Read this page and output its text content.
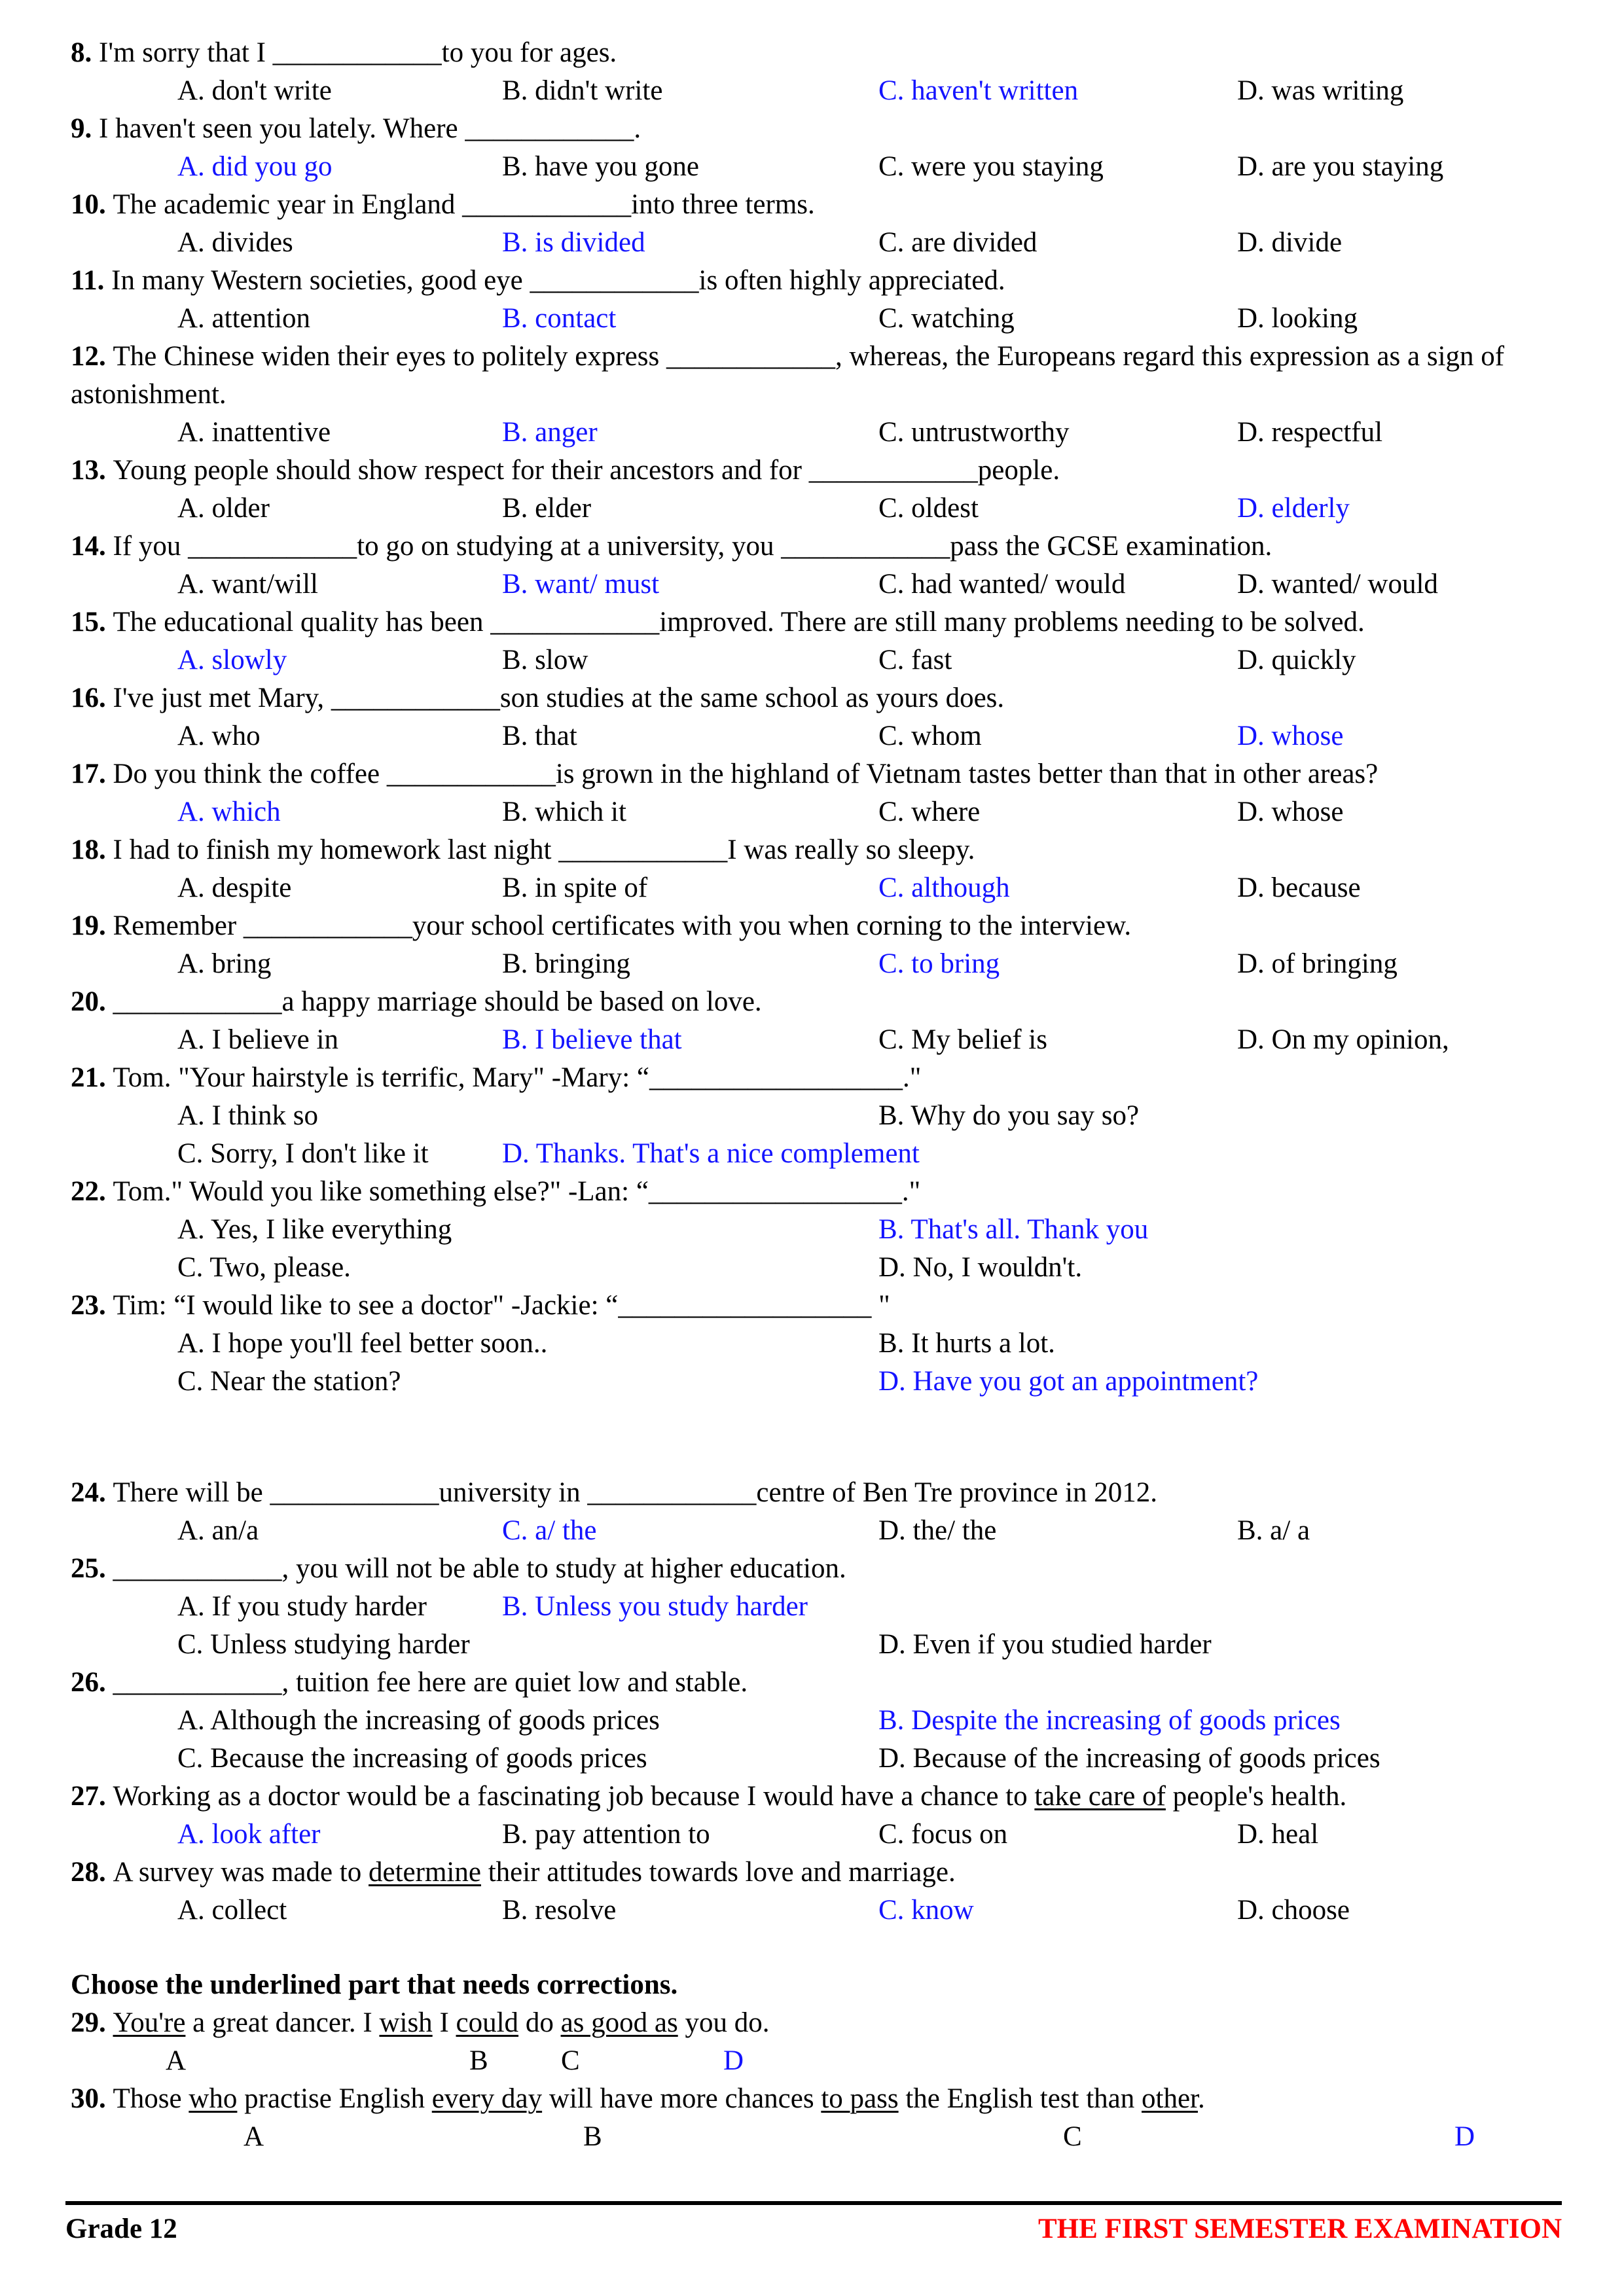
8. I'm sorry that I ____________to you for ages.
A. don't write	B. didn't write	C. haven't written	D. was writing
9. I haven't seen you lately. Where ____________.
A. did you go	B. have you gone	C. were you staying	D. are you staying
10. The academic year in England ____________into three terms.
A. divides	B. is divided	C. are divided	D. divide
11. In many Western societies, good eye ____________is often highly appreciated.
A. attention	B. contact	C. watching	D. looking
12. The Chinese widen their eyes to politely express ____________, whereas, the Europeans regard this expression as a sign of astonishment.
A. inattentive	B. anger	C. untrustworthy	D. respectful
13. Young people should show respect for their ancestors and for ____________people.
A. older	B. elder	C. oldest	D. elderly
14. If you ____________to go on studying at a university, you ____________pass the GCSE examination.
A. want/will	B. want/ must	C. had wanted/ would	D. wanted/ would
15. The educational quality has been ____________improved. There are still many problems needing to be solved.
A. slowly	B. slow	C. fast	D. quickly
16. I've just met Mary, ____________son studies at the same school as yours does.
A. who	B. that	C. whom	D. whose
17. Do you think the coffee ____________is grown in the highland of Vietnam tastes better than that in other areas?
A. which	B. which it	C. where	D. whose
18. I had to finish my homework last night ____________I was really so sleepy.
A. despite	B. in spite of	C. although	D. because
19. Remember ____________your school certificates with you when corning to the interview.
A. bring	B. bringing	C. to bring	D. of bringing
20. ____________a happy marriage should be based on love.
A. I believe in	B. I believe that	C. My belief is	D. On my opinion,
21. Tom. "Your hairstyle is terrific, Mary" -Mary: “__________________."
A. I think so	B. Why do you say so?
C. Sorry, I don't like it	D. Thanks. That's a nice complement
22. Tom." Would you like something else?" -Lan: “__________________."
A. Yes, I like everything	B. That's all. Thank you
C. Two, please.	D. No, I wouldn't.
23. Tim: “I would like to see a doctor" -Jackie: “__________________ "
A. I hope you'll feel better soon..	B. It hurts a lot.
C. Near the station?	D. Have you got an appointment?
24. There will be ____________university in ____________centre of Ben Tre province in 2012.
A. an/a	C. a/ the	D. the/ the	B. a/ a
25. ____________, you will not be able to study at higher education.
A. If you study harder	B. Unless you study harder
C. Unless studying harder	D. Even if you studied harder
26. ____________, tuition fee here are quiet low and stable.
A. Although the increasing of goods prices	B. Despite the increasing of goods prices
C. Because the increasing of goods prices	D. Because of the increasing of goods prices
27. Working as a doctor would be a fascinating job because I would have a chance to take care of people's health.
A. look after	B. pay attention to	C. focus on	D. heal
28. A survey was made to determine their attitudes towards love and marriage.
A. collect	B. resolve	C. know	D. choose
Choose the underlined part that needs corrections.
29. You're a great dancer. I wish I could do as good as you do.
A	B	C	D
30. Those who practise English every day will have more chances to pass the English test than other.
A	B	C	D
Grade 12	THE FIRST SEMESTER EXAMINATION
